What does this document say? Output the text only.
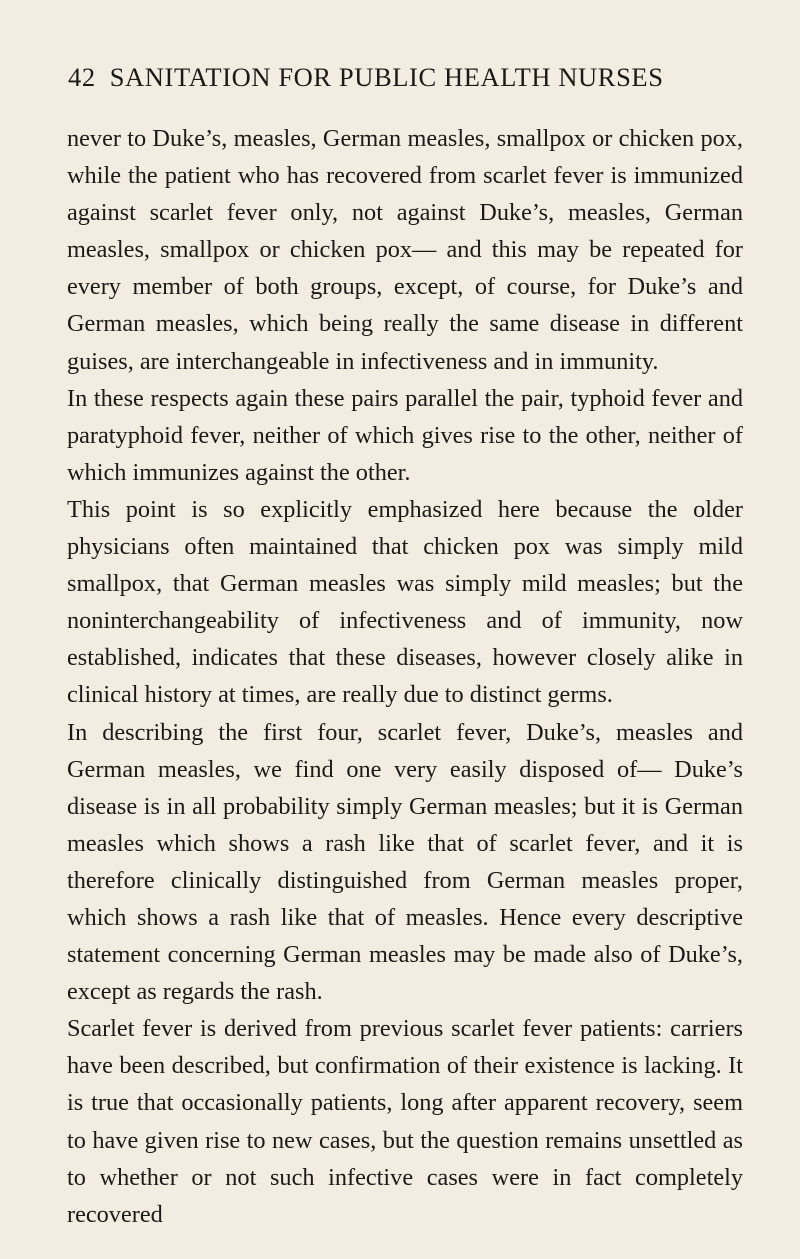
42 SANITATION FOR PUBLIC HEALTH NURSES

never to Duke’s, measles, German measles, smallpox or chicken pox, while the patient who has recovered from scarlet fever is immunized against scarlet fever only, not against Duke’s, measles, German measles, smallpox or chicken pox— and this may be repeated for every member of both groups, except, of course, for Duke’s and German measles, which being really the same disease in different guises, are interchangeable in infectiveness and in immunity.

In these respects again these pairs parallel the pair, typhoid fever and paratyphoid fever, neither of which gives rise to the other, neither of which immunizes against the other.

This point is so explicitly emphasized here because the older physicians often maintained that chicken pox was simply mild smallpox, that German measles was simply mild measles; but the noninterchangeability of infectiveness and of immunity, now established, indicates that these diseases, however closely alike in clinical history at times, are really due to distinct germs.

In describing the first four, scarlet fever, Duke’s, measles and German measles, we find one very easily disposed of— Duke’s disease is in all probability simply German measles; but it is German measles which shows a rash like that of scarlet fever, and it is therefore clinically distinguished from German measles proper, which shows a rash like that of measles. Hence every descriptive statement concerning German measles may be made also of Duke’s, except as regards the rash.

Scarlet fever is derived from previous scarlet fever patients: carriers have been described, but confirmation of their existence is lacking. It is true that occasionally patients, long after apparent recovery, seem to have given rise to new cases, but the question remains unsettled as to whether or not such infective cases were in fact completely recovered
